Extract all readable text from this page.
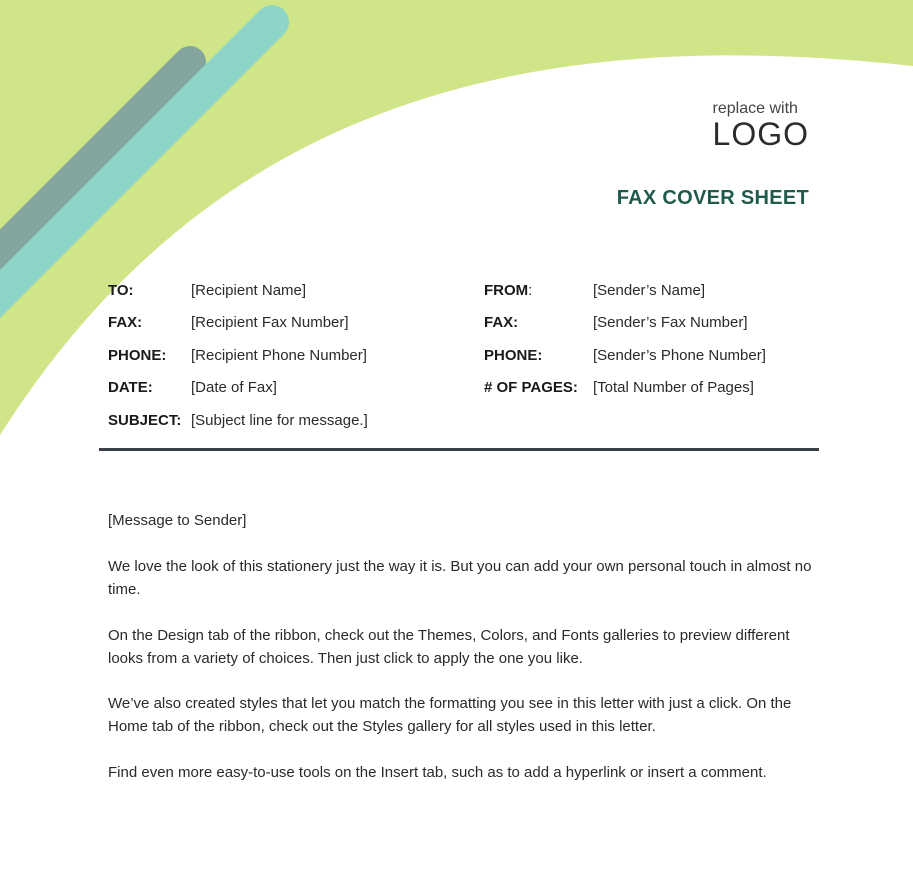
replace with
LOGO
FAX COVER SHEET
TO:	[Recipient Name]
FAX:	[Recipient Fax Number]
PHONE: [Recipient Phone Number]
DATE:	[Date of Fax]
SUBJECT: [Subject line for message.]
FROM:	[Sender’s Name]
FAX:	[Sender’s Fax Number]
PHONE:	[Sender’s Phone Number]
# OF PAGES: [Total Number of Pages]
[Message to Sender]
We love the look of this stationery just the way it is. But you can add your own personal touch in almost no time.
On the Design tab of the ribbon, check out the Themes, Colors, and Fonts galleries to preview different looks from a variety of choices. Then just click to apply the one you like.
We’ve also created styles that let you match the formatting you see in this letter with just a click. On the Home tab of the ribbon, check out the Styles gallery for all styles used in this letter.
Find even more easy-to-use tools on the Insert tab, such as to add a hyperlink or insert a comment.
